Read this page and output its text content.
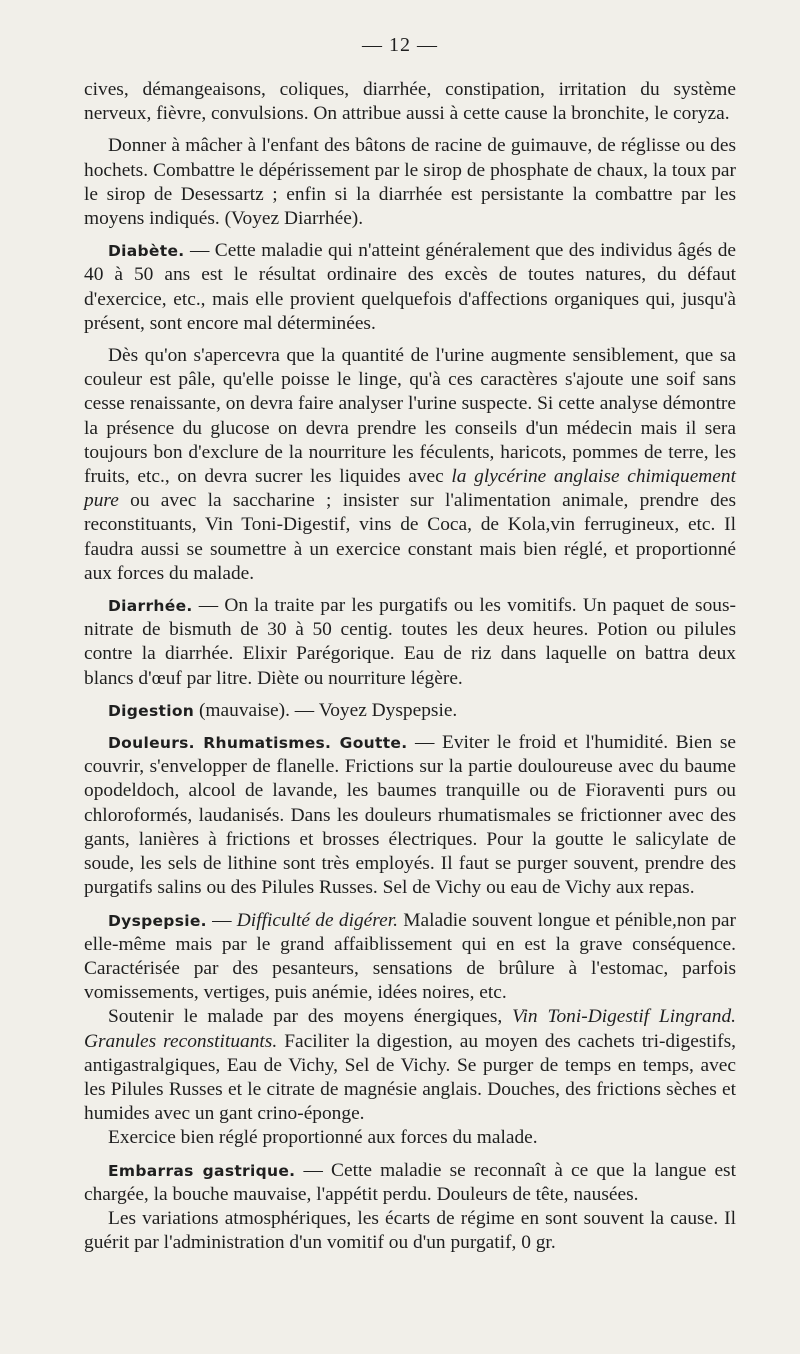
— 12 —

cives, démangeaisons, coliques, diarrhée, constipation, irritation du système nerveux, fièvre, convulsions. On attribue aussi à cette cause la bronchite, le coryza.

Donner à mâcher à l'enfant des bâtons de racine de guimauve, de réglisse ou des hochets. Combattre le dépérissement par le sirop de phosphate de chaux, la toux par le sirop de Desessartz ; enfin si la diarrhée est persistante la combattre par les moyens indiqués. (Voyez Diarrhée).

Diabète. — Cette maladie qui n'atteint généralement que des individus âgés de 40 à 50 ans est le résultat ordinaire des excès de toutes natures, du défaut d'exercice, etc., mais elle provient quelquefois d'affections organiques qui, jusqu'à présent, sont encore mal déterminées.

Dès qu'on s'apercevra que la quantité de l'urine augmente sensiblement, que sa couleur est pâle, qu'elle poisse le linge, qu'à ces caractères s'ajoute une soif sans cesse renaissante, on devra faire analyser l'urine suspecte. Si cette analyse démontre la présence du glucose on devra prendre les conseils d'un médecin mais il sera toujours bon d'exclure de la nourriture les féculents, haricots, pommes de terre, les fruits, etc., on devra sucrer les liquides avec la glycérine anglaise chimiquement pure ou avec la saccharine ; insister sur l'alimentation animale, prendre des reconstituants, Vin Toni-Digestif, vins de Coca, de Kola,vin ferrugineux, etc. Il faudra aussi se soumettre à un exercice constant mais bien réglé, et proportionné aux forces du malade.

Diarrhée. — On la traite par les purgatifs ou les vomitifs. Un paquet de sous-nitrate de bismuth de 30 à 50 centig. toutes les deux heures. Potion ou pilules contre la diarrhée. Elixir Parégorique. Eau de riz dans laquelle on battra deux blancs d'œuf par litre. Diète ou nourriture légère.

Digestion (mauvaise). — Voyez Dyspepsie.

Douleurs. Rhumatismes. Goutte. — Eviter le froid et l'humidité. Bien se couvrir, s'envelopper de flanelle. Frictions sur la partie douloureuse avec du baume opodeldoch, alcool de lavande, les baumes tranquille ou de Fioraventi purs ou chloroformés, laudanisés. Dans les douleurs rhumatismales se frictionner avec des gants, lanières à frictions et brosses électriques. Pour la goutte le salicylate de soude, les sels de lithine sont très employés. Il faut se purger souvent, prendre des purgatifs salins ou des Pilules Russes. Sel de Vichy ou eau de Vichy aux repas.

Dyspepsie. — Difficulté de digérer. Maladie souvent longue et pénible,non par elle-même mais par le grand affaiblissement qui en est la grave conséquence. Caractérisée par des pesanteurs, sensations de brûlure à l'estomac, parfois vomissements, vertiges, puis anémie, idées noires, etc.

Soutenir le malade par des moyens énergiques, Vin Toni-Digestif Lingrand. Granules reconstituants. Faciliter la digestion, au moyen des cachets tri-digestifs, antigastralgiques, Eau de Vichy, Sel de Vichy. Se purger de temps en temps, avec les Pilules Russes et le citrate de magnésie anglais. Douches, des frictions sèches et humides avec un gant crino-éponge.

Exercice bien réglé proportionné aux forces du malade.

Embarras gastrique. — Cette maladie se reconnaît à ce que la langue est chargée, la bouche mauvaise, l'appétit perdu. Douleurs de tête, nausées.

Les variations atmosphériques, les écarts de régime en sont souvent la cause. Il guérit par l'administration d'un vomitif ou d'un purgatif, 0 gr.
